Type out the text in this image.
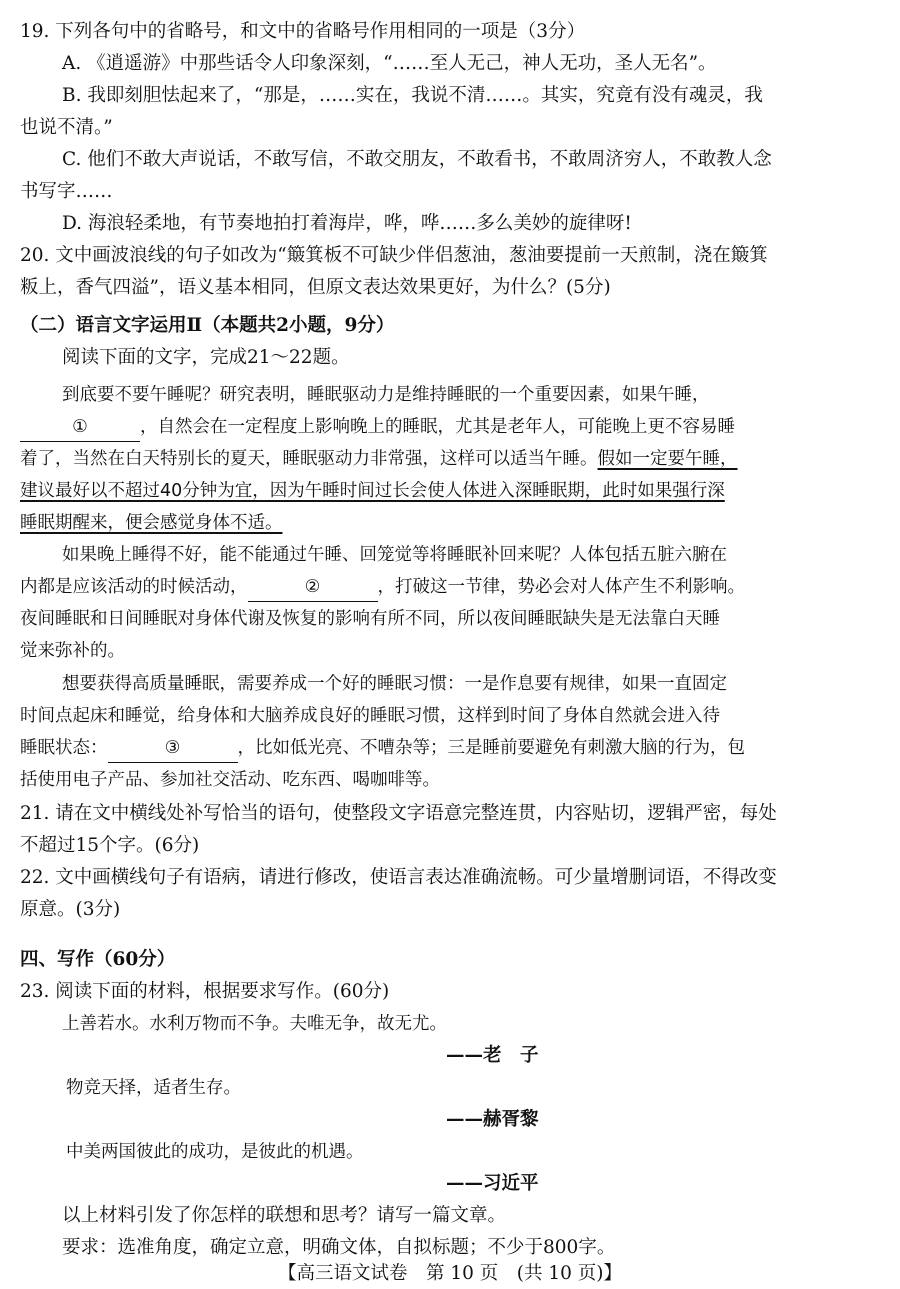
19. 下列各句中的省略号，和文中的省略号作用相同的一项是（3分）
A. 《逍遥游》中那些话令人印象深刻，“……至人无己，神人无功，圣人无名”。
B. 我即刻胆怯起来了，“那是，……实在，我说不清……。其实，究竟有没有魂灵，我
也说不清。”
C. 他们不敢大声说话，不敢写信，不敢交朋友，不敢看书，不敢周济穷人，不敢教人念
书写字……
D. 海浪轻柔地，有节奏地拍打着海岸，哗，哗……多么美妙的旋律呀!
20. 文中画波浪线的句子如改为“簸箕板不可缺少伴侣葱油，葱油要提前一天煎制，浇在簸箕
粄上，香气四溢”，语义基本相同，但原文表达效果更好，为什么？(5分)
（二）语言文字运用Ⅱ（本题共2小题，9分）
阅读下面的文字，完成21～22题。
到底要不要午睡呢？研究表明，睡眠驱动力是维持睡眠的一个重要因素，如果午睡，
①	，自然会在一定程度上影响晚上的睡眠，尤其是老年人，可能晚上更不容易睡
着了，当然在白天特别长的夏天，睡眠驱动力非常强，这样可以适当午睡。假如一定要午睡，
建议最好以不超过40分钟为宜，因为午睡时间过长会使人体进入深睡眠期，此时如果强行深
睡眠期醒来，便会感觉身体不适。
如果晚上睡得不好，能不能通过午睡、回笼觉等将睡眠补回来呢？人体包括五脏六腑在
内都是应该活动的时候活动，	②	，打破这一节律，势必会对人体产生不利影响。
夜间睡眠和日间睡眠对身体代谢及恢复的影响有所不同，所以夜间睡眠缺失是无法靠白天睡
觉来弥补的。
想要获得高质量睡眠，需要养成一个好的睡眠习惯：一是作息要有规律，如果一直固定
时间点起床和睡觉，给身体和大脑养成良好的睡眠习惯，这样到时间了身体自然就会进入待
睡眠状态：	③	，比如低光亮、不嘈杂等；三是睡前要避免有刺激大脑的行为，包
括使用电子产品、参加社交活动、吃东西、喝咖啡等。
21. 请在文中横线处补写恰当的语句，使整段文字语意完整连贯，内容贴切，逻辑严密，每处
不超过15个字。(6分)
22. 文中画横线句子有语病，请进行修改，使语言表达准确流畅。可少量增删词语，不得改变
原意。(3分)
四、写作（60分）
23. 阅读下面的材料，根据要求写作。(60分)
上善若水。水利万物而不争。夫唯无争，故无尤。
——老　子
物竞天择，适者生存。
——赫胥黎
中美两国彼此的成功，是彼此的机遇。
——习近平
以上材料引发了你怎样的联想和思考？请写一篇文章。
要求：选准角度，确定立意，明确文体，自拟标题；不少于800字。
【高三语文试卷　第 10 页　(共 10 页)】
